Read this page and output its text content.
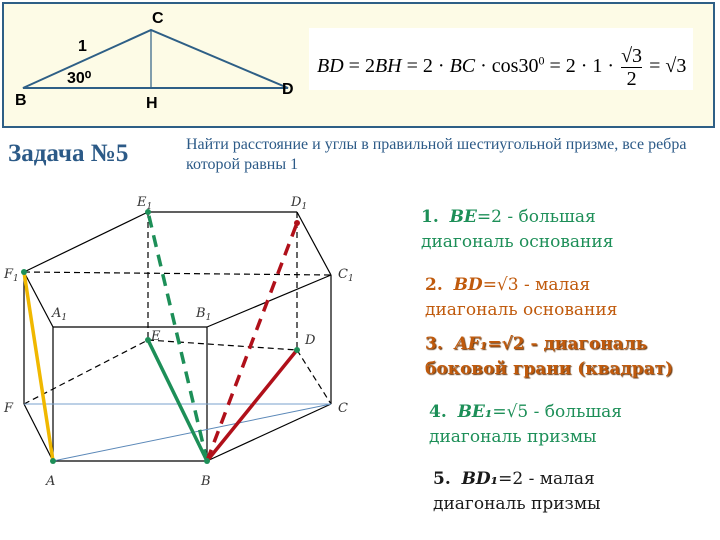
C
1
30⁰
B	H
D
BD = 2BH = 2 · BC · $\cos 30^0 = 2 \cdot 1 \cdot \frac{√3}{2} = √3$
Задача №5	Найти расстояние и углы в правильной шестиугольной призме, все ребра которой равны 1
$E_1$	$D_1$
$F_1$	$C_1$
$A_1$	$B_1$
E	D
F	C
A	B
1. BE=2 - большая
диагональ основания
2. BD=√3 - малая
диагональ основания
3. AF₁=√2 - диагональ
боковой грани (квадрат)
4. BE₁=√5 - большая
диагональ призмы
5. BD₁=2 - малая
диагональ призмы
